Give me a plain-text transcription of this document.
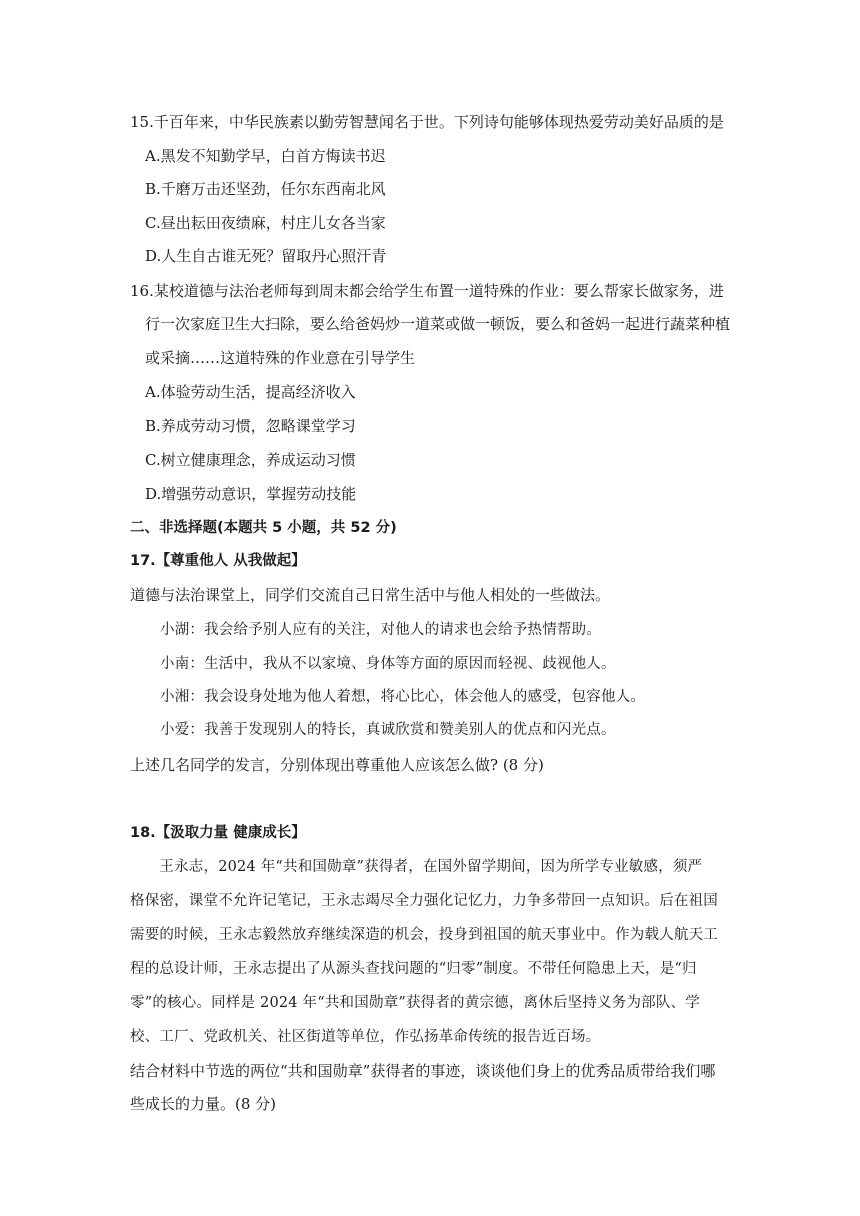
15.千百年来，中华民族素以勤劳智慧闻名于世。下列诗句能够体现热爱劳动美好品质的是
A.黑发不知勤学早，白首方悔读书迟
B.千磨万击还坚劲，任尔东西南北风
C.昼出耘田夜绩麻，村庄儿女各当家
D.人生自古谁无死？留取丹心照汗青
16.某校道德与法治老师每到周末都会给学生布置一道特殊的作业：要么帮家长做家务，进
行一次家庭卫生大扫除，要么给爸妈炒一道菜或做一顿饭，要么和爸妈一起进行蔬菜种植
或采摘……这道特殊的作业意在引导学生
A.体验劳动生活，提高经济收入
B.养成劳动习惯，忽略课堂学习
C.树立健康理念，养成运动习惯
D.增强劳动意识，掌握劳动技能
二、非选择题(本题共 5 小题，共 52 分)
17.【尊重他人 从我做起】
道德与法治课堂上，同学们交流自己日常生活中与他人相处的一些做法。
小湖：我会给予别人应有的关注，对他人的请求也会给予热情帮助。
小南：生活中，我从不以家境、身体等方面的原因而轻视、歧视他人。
小湘：我会设身处地为他人着想，将心比心，体会他人的感受，包容他人。
小爱：我善于发现别人的特长，真诚欣赏和赞美别人的优点和闪光点。
上述几名同学的发言，分别体现出尊重他人应该怎么做? (8 分)
18.【汲取力量 健康成长】
　　王永志，2024 年“共和国勋章”获得者，在国外留学期间，因为所学专业敏感，须严
格保密，课堂不允许记笔记，王永志竭尽全力强化记忆力，力争多带回一点知识。后在祖国
需要的时候，王永志毅然放弃继续深造的机会，投身到祖国的航天事业中。作为载人航天工
程的总设计师，王永志提出了从源头查找问题的“归零”制度。不带任何隐患上天，是“归
零”的核心。同样是 2024 年“共和国勋章”获得者的黄宗德，离休后坚持义务为部队、学
校、工厂、党政机关、社区街道等单位，作弘扬革命传统的报告近百场。
结合材料中节选的两位“共和国勋章”获得者的事迹，谈谈他们身上的优秀品质带给我们哪
些成长的力量。(8 分)
